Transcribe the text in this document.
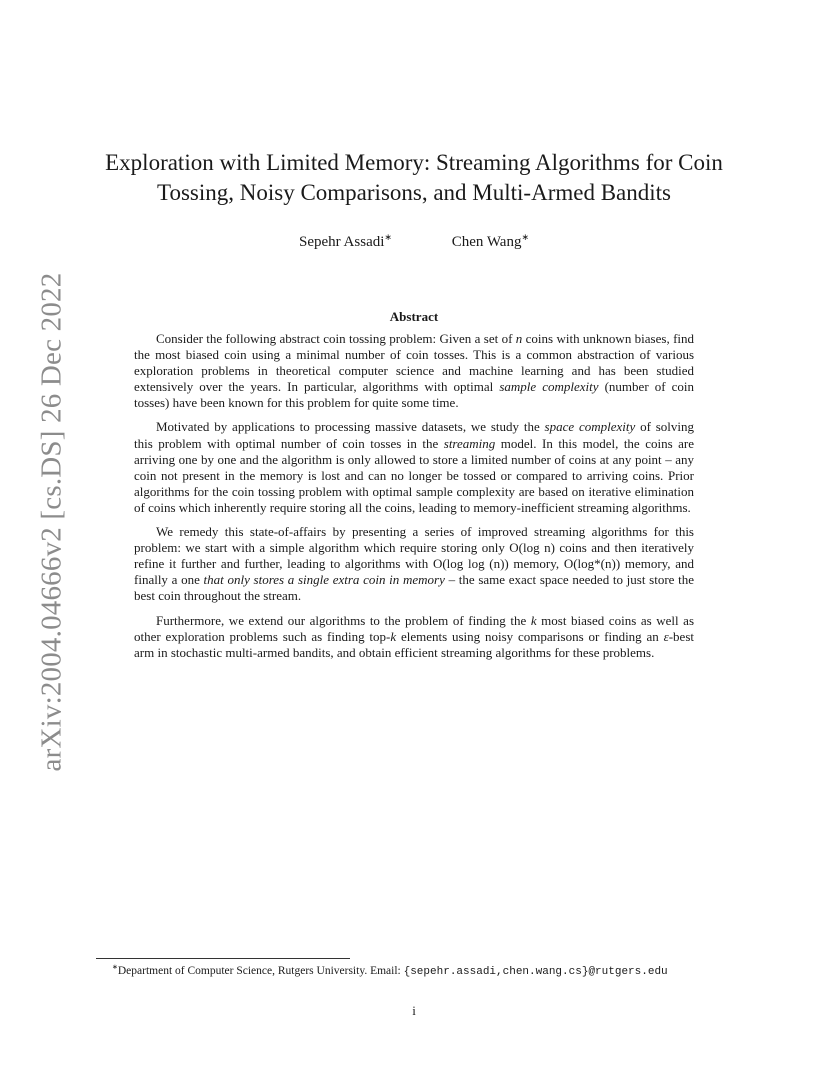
arXiv:2004.04666v2 [cs.DS] 26 Dec 2022
Exploration with Limited Memory: Streaming Algorithms for Coin
Tossing, Noisy Comparisons, and Multi-Armed Bandits
Sepehr Assadi∗	Chen Wang∗
Abstract

Consider the following abstract coin tossing problem: Given a set of n coins with unknown biases, find the most biased coin using a minimal number of coin tosses. This is a common abstraction of various exploration problems in theoretical computer science and machine learning and has been studied extensively over the years. In particular, algorithms with optimal sample complexity (number of coin tosses) have been known for this problem for quite some time.

Motivated by applications to processing massive datasets, we study the space complexity of solving this problem with optimal number of coin tosses in the streaming model. In this model, the coins are arriving one by one and the algorithm is only allowed to store a limited number of coins at any point – any coin not present in the memory is lost and can no longer be tossed or compared to arriving coins. Prior algorithms for the coin tossing problem with optimal sample complexity are based on iterative elimination of coins which inherently require storing all the coins, leading to memory-inefficient streaming algorithms.

We remedy this state-of-affairs by presenting a series of improved streaming algorithms for this problem: we start with a simple algorithm which require storing only O(log n) coins and then iteratively refine it further and further, leading to algorithms with O(log log (n)) memory, O(log*(n)) memory, and finally a one that only stores a single extra coin in memory – the same exact space needed to just store the best coin throughout the stream.

Furthermore, we extend our algorithms to the problem of finding the k most biased coins as well as other exploration problems such as finding top-k elements using noisy comparisons or finding an ε-best arm in stochastic multi-armed bandits, and obtain efficient streaming algorithms for these problems.

∗Department of Computer Science, Rutgers University. Email: {sepehr.assadi,chen.wang.cs}@rutgers.edu
i
